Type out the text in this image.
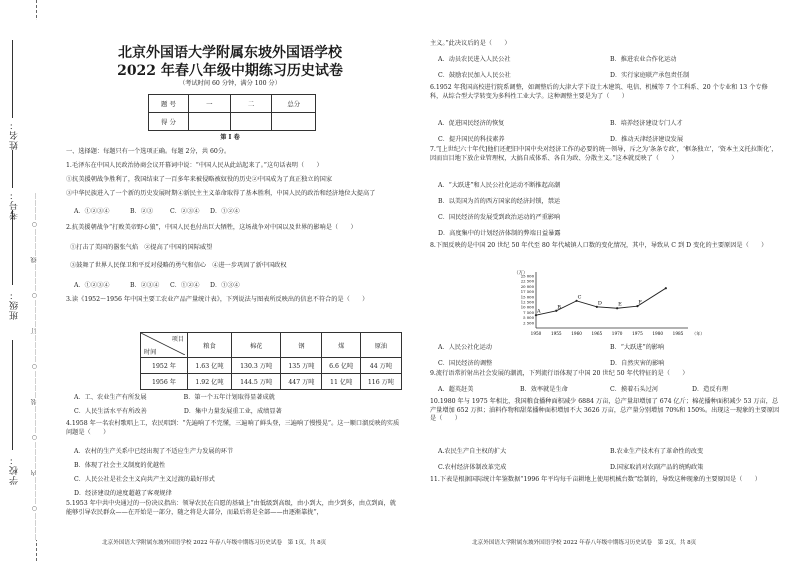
学校：
班级：
考号：
姓名：
…………○…………内…………○…………装…………○…………订…………○…………线…………○…………
北京外国语大学附属东坡外国语学校
2022 年春八年级中期练习历史试卷
（考试时间 60 分钟，满分 100 分）
题 号	一	二	总分
得 分			
第 I 卷
一、选择题：每题只有一个选项正确。每题 2分，共 60分。
1.毛泽东在中国人民政治协商会议开幕词中说：“中国人民从此站起来了。”这句话表明（　　）
①抗美援朝战争胜利了，我国结束了一百多年来被侵略被奴役的历史②中国成为了真正独立的国家
③中华民族进入了一个新的历史发展时期④新民主主义革命取得了基本胜利，中国人民的政治和经济地位大提高了
A．①②③④	B．②③	C．②③④ D．①②④
2.抗美援朝战争“打败美帝野心狼”，中国人民也付出巨大牺牲，这场战争对中国以及世界的影响是（　　）
①打击了美国的嚣张气焰　②提高了中国的国际威望
③鼓舞了世界人民保卫和平反对侵略的勇气和信心　④进一步巩固了新中国政权
A．①②③④	B．②③④ C．①②④ D．①③④
3.读《1952～1956 年中国主要工农业产品产量统计表》，下列说法与图表所反映出的信息不符合的是（　　）
项目
时间	粮食	棉花	钢	煤	原油
1952 年	1.63 亿吨	130.3 万吨	135 万吨	6.6 亿吨	44 万吨
1956 年	1.92 亿吨	144.5 万吨	447 万吨	11 亿吨	116 万吨
A．工、农业生产有所发展　　　　　　B．第一个五年计划取得显著成就
C．人民生活水平有所改善　　　　　　D．集中力量发展重工业，成绩显著
4.1958 年一名农村歌唱上工，农民唱到：“先遍响了不完懂，三遍响了鲜头登，三遍响了慢慢晃”。这一顺口溜反映的实质问题是（　　）
A．农村的生产关系中已经出现了不适应生产力发展的环节
B．体现了社会主义制度的优越性
C．人民公社是社会主义向共产主义过渡的最好形式
D．经济建设的速度超越了客观规律
5.1953 年中共中央通过的一份决议指出：领导农民在自愿的基础上“由低级到高级，由小到大，由少到多，由点到面，就能够引导农民群众——在开始是一部分，随之将是大部分，而最后将是全部——由逐渐靠拢”，
北京外国语大学附属东坡外国语学校 2022 年春八年级中期练习历史试卷　第 1页，共 8页
主义。”此决议后的是（　　）
A．动员农民进入人民公社	B．推进农业合作化运动
C．鼓励农民加入人民公社	D．实行家庭联产承包责任制
6.1952 年我国高校进行院系调整，如调整后的大津大学下设土木建筑、电信、机械等 7 个工科系、20 个专业和 13 个专修科，从综合型大学转变为多科性工业大学。这种调整主要是为了（　　）
A．促进国民经济的恢复	B．培养经济建设专门人才
C．提升国民的科技素养	D．推动天津经济建设发展
7.“[上世纪六十年代]他们还把旧中国中央对经济工作的必要的统一领导，斥之为‘条条专政’，‘框条独立’，‘资本主义托拉斯化’，因而盲目地下放企业管理权，大搞自成体系、各自为政、分散主义。”这本就反映了（　　）
A．“大跃进”和人民公社化运动不断推起高潮
B．以美国为首的西方国家的经济封锁，禁运
C．国民经济的发展受到政治运动的严重影响
D．高度集中的计划经济体制的弊端日益暴露
8.下图反映的是中国 20 世纪 50 年代至 80 年代城镇人口数的变化情况，其中，导致从 C 到 D 变化的主要原因是（　　）
（万）
25 000
22 500
20 000
17 500
15 000
12 500
10 000
7 500
5 000
2 500
1950 1955 1960 1965 1970 1975 1980 1985 （年）
A
B
C
D	E	F
A．人民公社化运动	B．“大跃进”的影响
C．国民经济的调整	D．自然灾害的影响
9.流行语常折射出社会发展的潮流，下列流行语体现了中国 20 世纪 50 年代特征的是（　　）
A．超英赶美	B．效率就是生命	C．摸着石头过河	D．造反有理
10.1980 年与 1975 年相比，我国粮食播种面积减少 6884 万亩，总产量却增加了 674 亿斤；棉花播种面积减少 53 万亩，总产量增加 652 万担；油料作物和甜菜播种面积增加不大 3626 万亩，总产量分别增加 70%和 150%。出现这一现象的主要原因是（　　）
A.农民生产自主权的扩大	B.农业生产技术有了革命性的改变
C.农村经济体制改革完成	D.国家取消对农副产品的统购政策
11.下表是根据国际统计年鉴数据“1996 年平均每千亩耕地上使用机械台数”绘制的，导致这种现象的主要原因是（　　）
北京外国语大学附属东坡外国语学校 2022 年春八年级中期练习历史试卷　第 2页，共 8页
